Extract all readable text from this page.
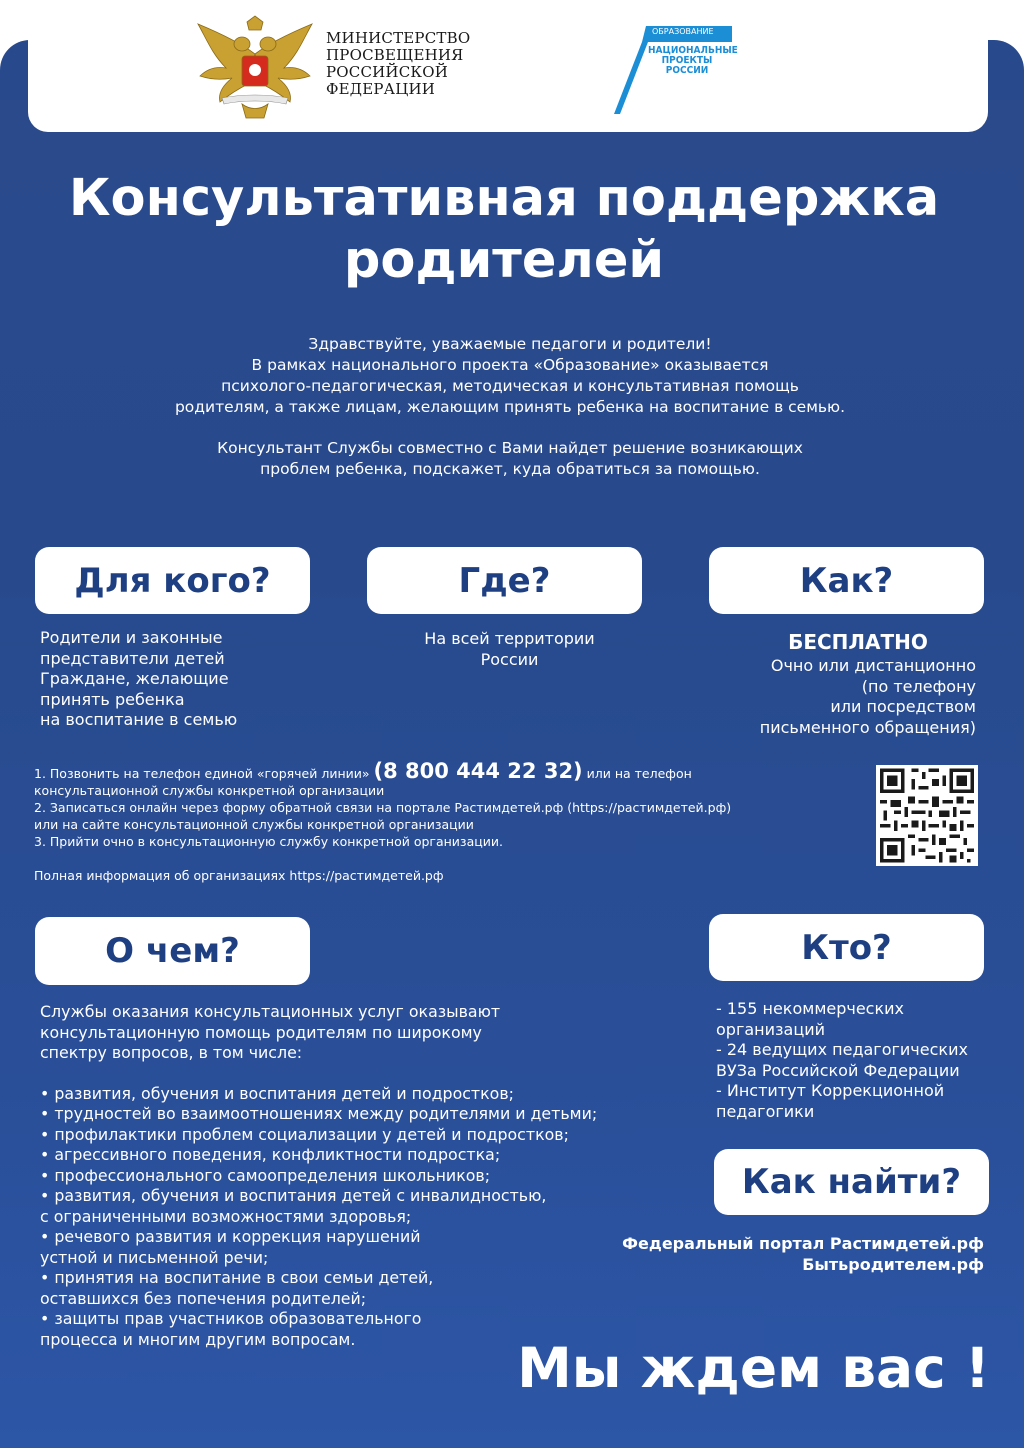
МИНИСТЕРСТВО
ПРОСВЕЩЕНИЯ
РОССИЙСКОЙ
ФЕДЕРАЦИИ
ОБРАЗОВАНИЕ
НАЦИОНАЛЬНЫЕ
ПРОЕКТЫ
РОССИИ
Консультативная поддержка
родителей
Здравствуйте, уважаемые педагоги и родители!
В рамках национального проекта «Образование» оказывается
психолого-педагогическая, методическая и консультативная помощь
родителям, а также лицам, желающим принять ребенка на воспитание в семью.
Консультант Службы совместно с Вами найдет решение возникающих
проблем ребенка, подскажет, куда обратиться за помощью.
Для кого?	Где?	Как?
Родители и законные
представители детей
Граждане, желающие
принять ребенка
на воспитание в семью
На всей территории
России
БЕСПЛАТНО
Очно или дистанционно
(по телефону
или посредством
письменного обращения)
1. Позвонить на телефон единой «горячей линии» (8 800 444 22 32) или на телефон
консультационной службы конкретной организации
2. Записаться онлайн через форму обратной связи на портале Растимдетей.рф (https://растимдетей.рф)
или на сайте консультационной службы конкретной организации
3. Прийти очно в консультационную службу конкретной организации.
Полная информация об организациях https://растимдетей.рф
О чем?	Кто?
Службы оказания консультационных услуг оказывают
консультационную помощь родителям по широкому
спектру вопросов, в том числе:
• развития, обучения и воспитания детей и подростков;
• трудностей во взаимоотношениях между родителями и детьми;
• профилактики проблем социализации у детей и подростков;
• агрессивного поведения, конфликтности подростка;
• профессионального самоопределения школьников;
• развития, обучения и воспитания детей с инвалидностью,
с ограниченными возможностями здоровья;
• речевого развития и коррекция нарушений
устной и письменной речи;
• принятия на воспитание в свои семьи детей,
оставшихся без попечения родителей;
• защиты прав участников образовательного
процесса и многим другим вопросам.
- 155 некоммерческих
организаций
- 24 ведущих педагогических
ВУЗа Российской Федерации
- Институт Коррекционной
педагогики
Как найти?
Федеральный портал Растимдетей.рф
Бытьродителем.рф
Мы ждем вас !
